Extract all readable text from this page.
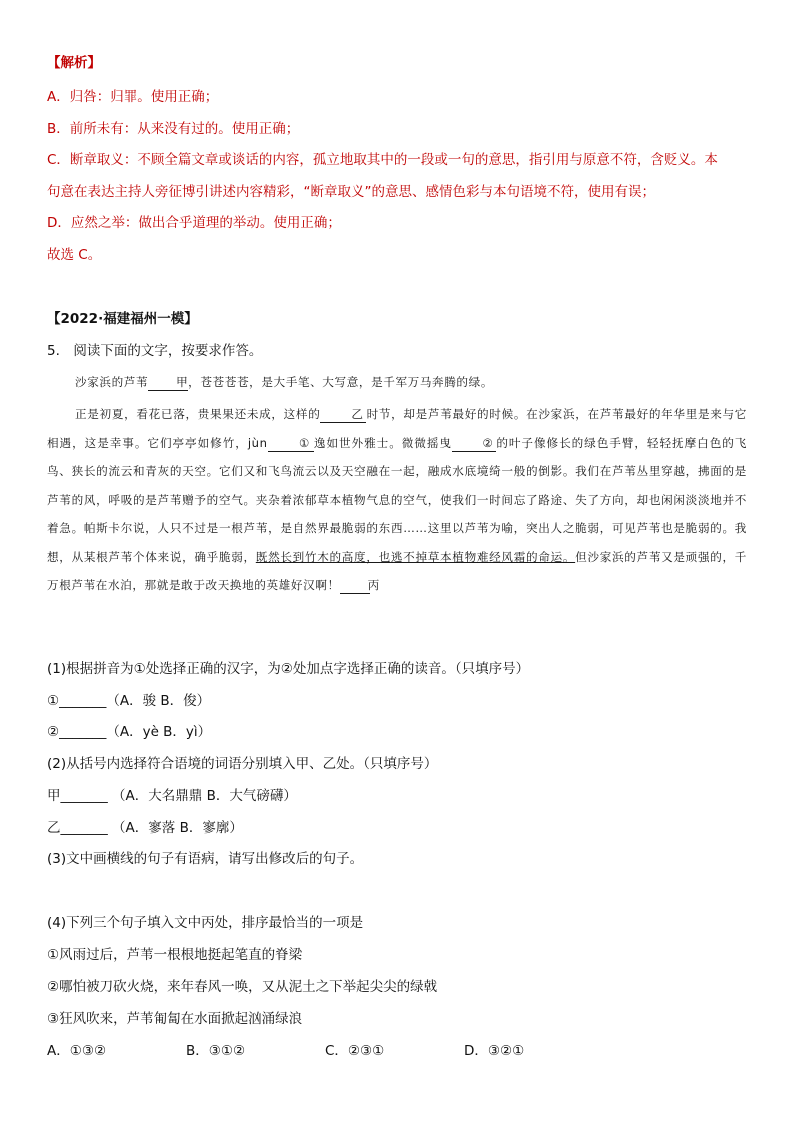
【解析】
A．归咎：归罪。使用正确；
B．前所未有：从来没有过的。使用正确；
C．断章取义：不顾全篇文章或谈话的内容，孤立地取其中的一段或一句的意思，指引用与原意不符，含贬义。本
句意在表达主持人旁征博引讲述内容精彩，“断章取义”的意思、感情色彩与本句语境不符，使用有误；
D．应然之举：做出合乎道理的举动。使用正确；
故选 C。
【2022·福建福州一模】
5.　阅读下面的文字，按要求作答。
沙家浜的芦苇 甲，苍苍苍苍，是大手笔、大写意，是千军万马奔腾的绿。
正是初夏，看花已落，贵果果还未成，这样的	乙 时节，却是芦苇最好的时候。在沙家浜，在芦苇最好的年华里是来与它相遇，这是幸事。它们亭亭如修竹，jùn	① 逸如世外雅士。微微摇曳	② 的叶子像修长的绿色手臂，轻轻抚摩白色的飞鸟、狭长的流云和青灰的天空。它们又和飞鸟流云以及天空融在一起，融成水底境绮一般的倒影。我们在芦苇丛里穿越，拂面的是芦苇的风，呼吸的是芦苇赠予的空气。夹杂着浓郁草本植物气息的空气，使我们一时间忘了路途、失了方向，却也闲闲淡淡地并不着急。帕斯卡尔说，人只不过是一根芦苇，是自然界最脆弱的东西……这里以芦苇为喻，突出人之脆弱，可见芦苇也是脆弱的。我想，从某根芦苇个体来说，确乎脆弱，既然长到竹木的高度，也逃不掉草本植物难经风霜的命运。但沙家浜的芦苇又是顽强的，千万根芦苇在水泊，那就是敢于改天换地的英雄好汉啊！ 丙
(1)根据拼音为①处选择正确的汉字，为②处加点字选择正确的读音。（只填序号）
①_______（A．骏 B．俊）
②_______（A．yè B．yì）
(2)从括号内选择符合语境的词语分别填入甲、乙处。（只填序号）
甲_______ （A．大名鼎鼎 B．大气磅礴）
乙_______ （A．寥落 B．寥廓）
(3)文中画横线的句子有语病，请写出修改后的句子。
(4)下列三个句子填入文中丙处，排序最恰当的一项是
①风雨过后，芦苇一根根地挺起笔直的脊梁
②哪怕被刀砍火烧，来年春风一唤，又从泥土之下举起尖尖的绿戟
③狂风吹来，芦苇匍匐在水面掀起汹涌绿浪
A．①③②	B．③①②	C．②③①	D．③②①
